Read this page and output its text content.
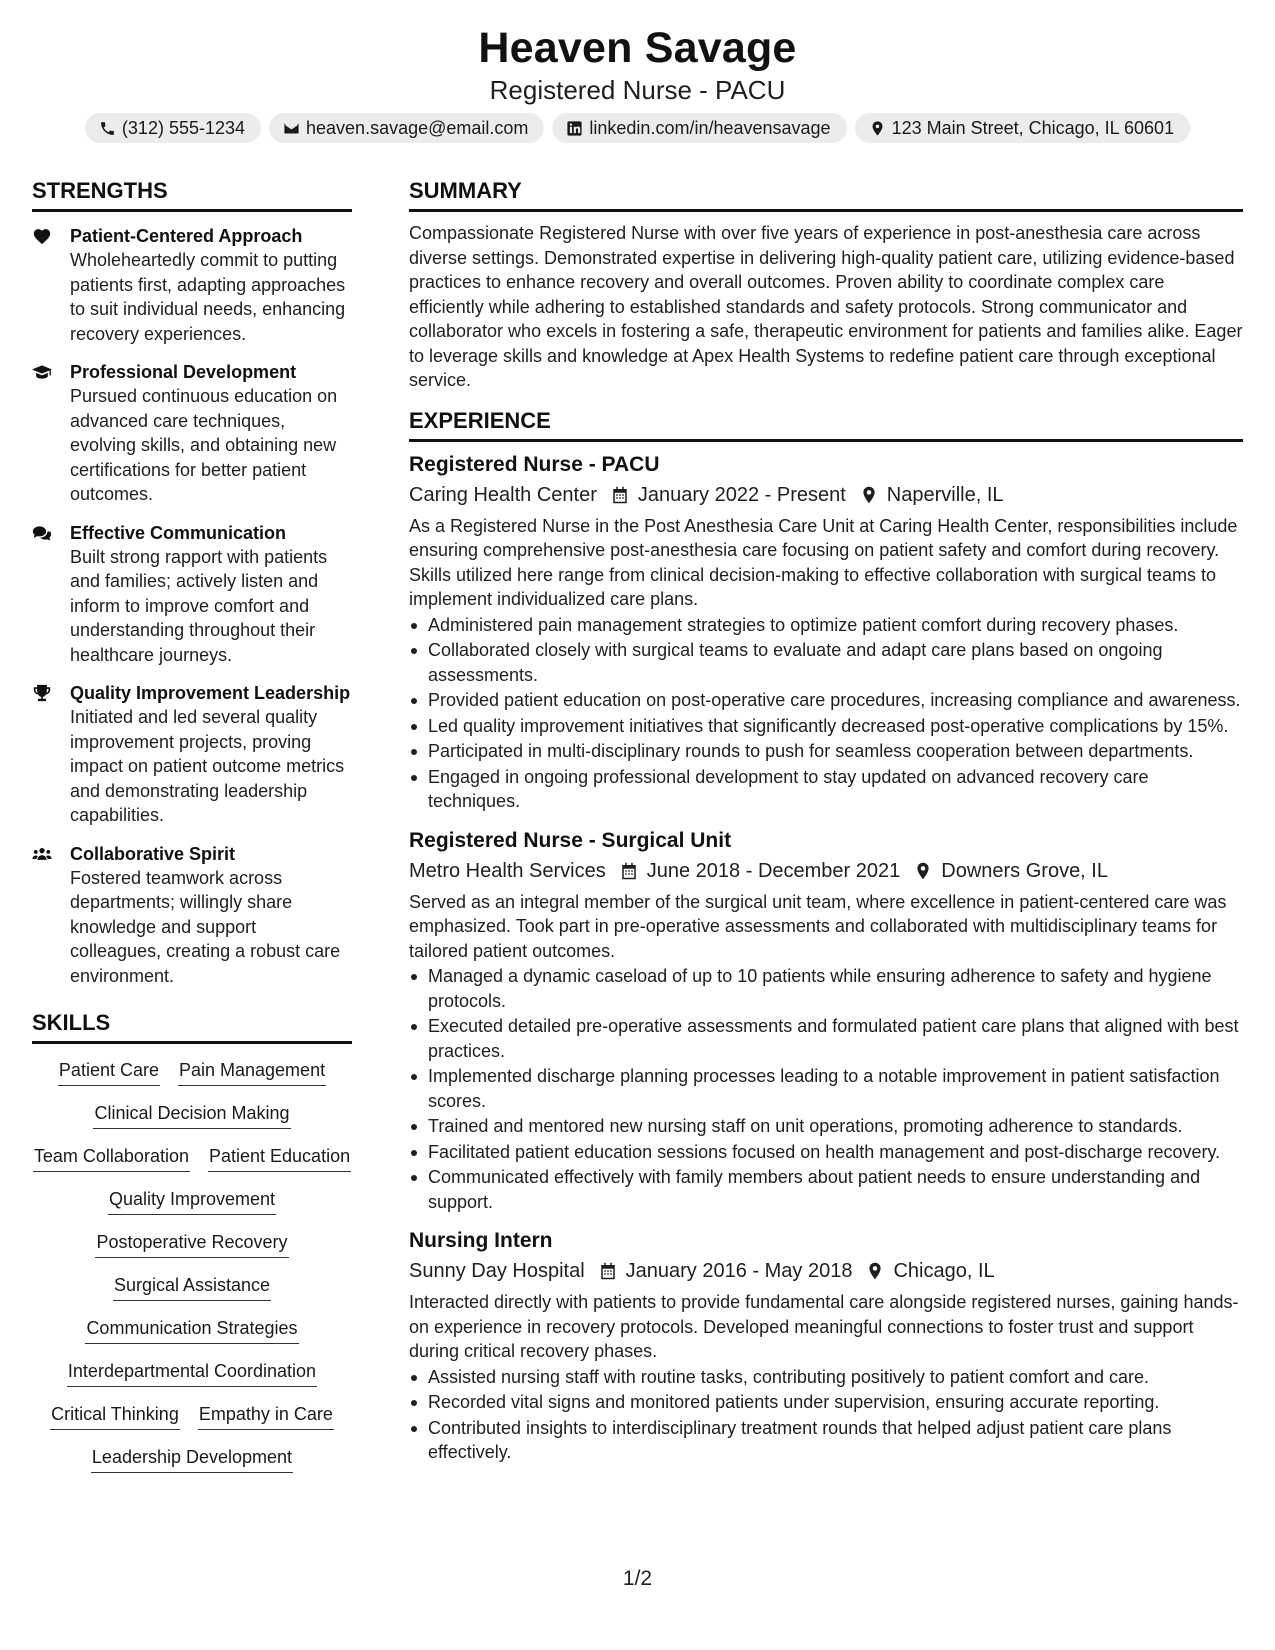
Heaven Savage
Registered Nurse - PACU
(312) 555-1234	heaven.savage@email.com	linkedin.com/in/heavensavage	123 Main Street, Chicago, IL 60601
STRENGTHS
Patient-Centered Approach
Wholeheartedly commit to putting patients first, adapting approaches to suit individual needs, enhancing recovery experiences.
Professional Development
Pursued continuous education on advanced care techniques, evolving skills, and obtaining new certifications for better patient outcomes.
Effective Communication
Built strong rapport with patients and families; actively listen and inform to improve comfort and understanding throughout their healthcare journeys.
Quality Improvement Leadership
Initiated and led several quality improvement projects, proving impact on patient outcome metrics and demonstrating leadership capabilities.
Collaborative Spirit
Fostered teamwork across departments; willingly share knowledge and support colleagues, creating a robust care environment.
SKILLS
Patient Care Pain Management
Clinical Decision Making
Team Collaboration Patient Education
Quality Improvement
Postoperative Recovery
Surgical Assistance
Communication Strategies
Interdepartmental Coordination
Critical Thinking Empathy in Care
Leadership Development
SUMMARY
Compassionate Registered Nurse with over five years of experience in post-anesthesia care across diverse settings. Demonstrated expertise in delivering high-quality patient care, utilizing evidence-based practices to enhance recovery and overall outcomes. Proven ability to coordinate complex care efficiently while adhering to established standards and safety protocols. Strong communicator and collaborator who excels in fostering a safe, therapeutic environment for patients and families alike. Eager to leverage skills and knowledge at Apex Health Systems to redefine patient care through exceptional service.
EXPERIENCE
Registered Nurse - PACU
Caring Health Center January 2022 - Present Naperville, IL
As a Registered Nurse in the Post Anesthesia Care Unit at Caring Health Center, responsibilities include ensuring comprehensive post-anesthesia care focusing on patient safety and comfort during recovery. Skills utilized here range from clinical decision-making to effective collaboration with surgical teams to implement individualized care plans.
Administered pain management strategies to optimize patient comfort during recovery phases.
Collaborated closely with surgical teams to evaluate and adapt care plans based on ongoing assessments.
Provided patient education on post-operative care procedures, increasing compliance and awareness.
Led quality improvement initiatives that significantly decreased post-operative complications by 15%.
Participated in multi-disciplinary rounds to push for seamless cooperation between departments.
Engaged in ongoing professional development to stay updated on advanced recovery care techniques.
Registered Nurse - Surgical Unit
Metro Health Services June 2018 - December 2021 Downers Grove, IL
Served as an integral member of the surgical unit team, where excellence in patient-centered care was emphasized. Took part in pre-operative assessments and collaborated with multidisciplinary teams for tailored patient outcomes.
Managed a dynamic caseload of up to 10 patients while ensuring adherence to safety and hygiene protocols.
Executed detailed pre-operative assessments and formulated patient care plans that aligned with best practices.
Implemented discharge planning processes leading to a notable improvement in patient satisfaction scores.
Trained and mentored new nursing staff on unit operations, promoting adherence to standards.
Facilitated patient education sessions focused on health management and post-discharge recovery.
Communicated effectively with family members about patient needs to ensure understanding and support.
Nursing Intern
Sunny Day Hospital January 2016 - May 2018 Chicago, IL
Interacted directly with patients to provide fundamental care alongside registered nurses, gaining hands-on experience in recovery protocols. Developed meaningful connections to foster trust and support during critical recovery phases.
Assisted nursing staff with routine tasks, contributing positively to patient comfort and care.
Recorded vital signs and monitored patients under supervision, ensuring accurate reporting.
Contributed insights to interdisciplinary treatment rounds that helped adjust patient care plans effectively.
1/2
